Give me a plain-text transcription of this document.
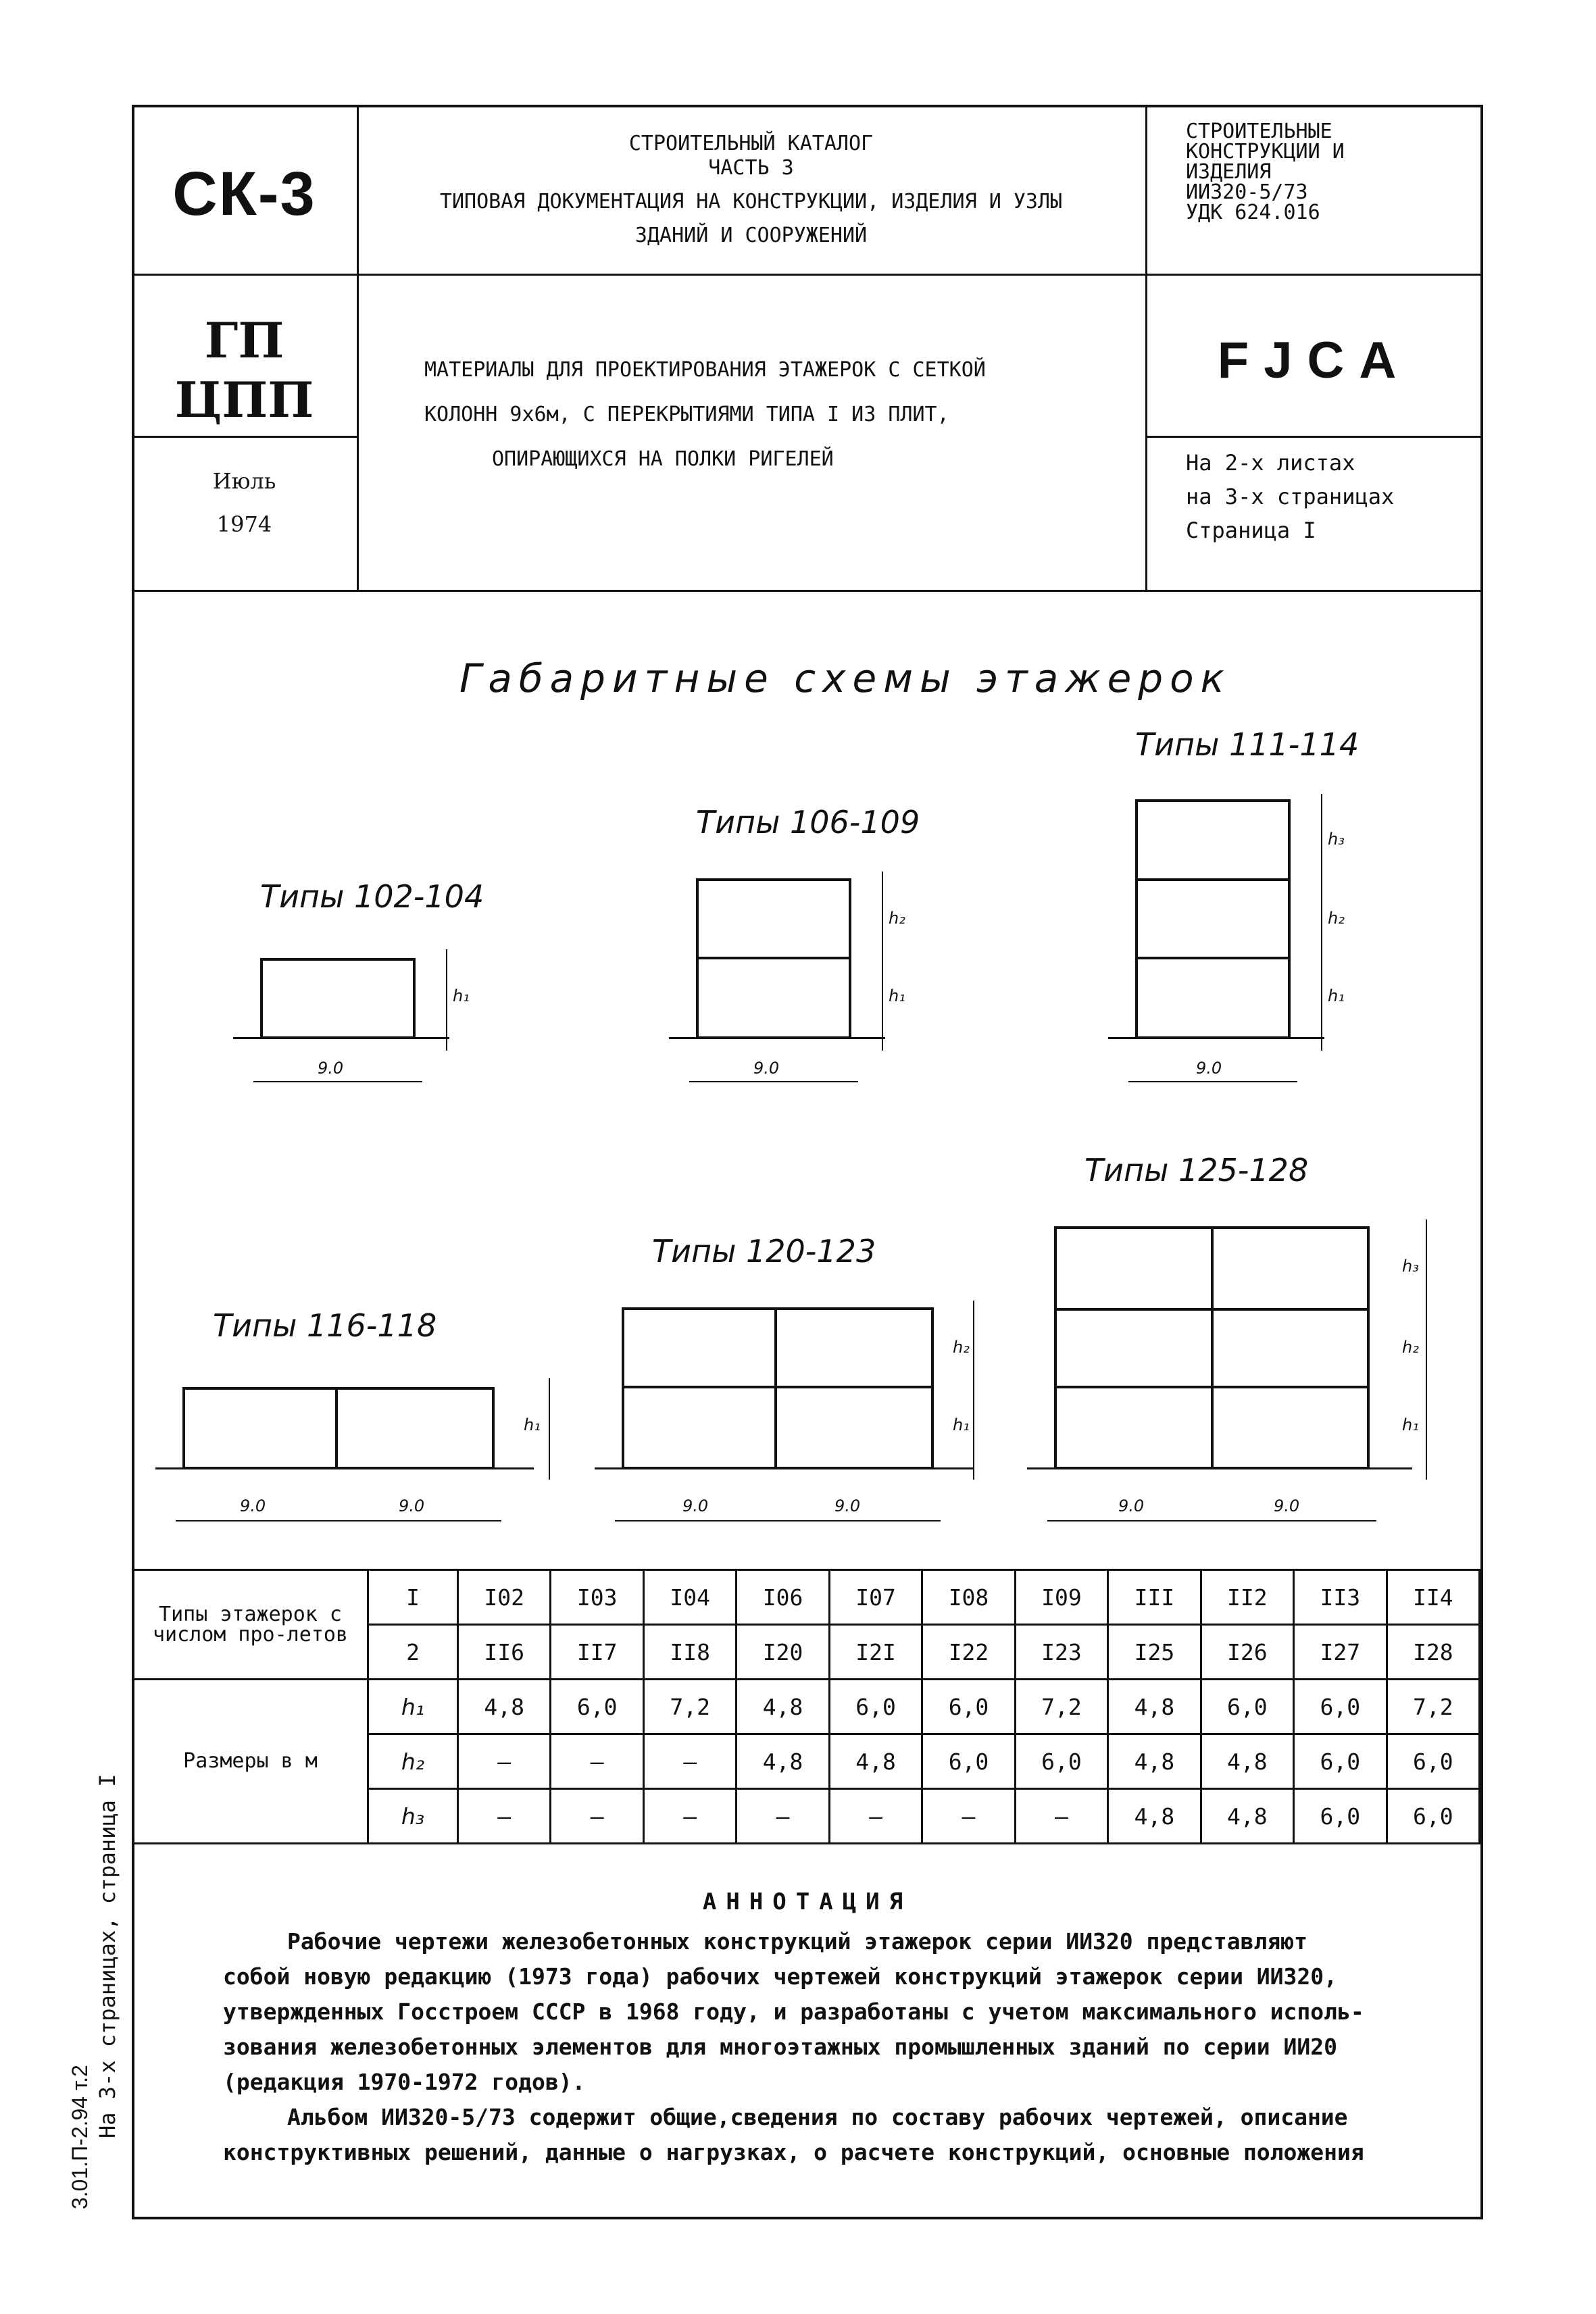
СК-3
СТРОИТЕЛЬНЫЙ КАТАЛОГ
ЧАСТЬ 3
ТИПОВАЯ ДОКУМЕНТАЦИЯ НА КОНСТРУКЦИИ, ИЗДЕЛИЯ И УЗЛЫ
ЗДАНИЙ И СООРУЖЕНИЙ
СТРОИТЕЛЬНЫЕ
КОНСТРУКЦИИ И
ИЗДЕЛИЯ
ИИ320-5/73
УДК 624.016
ГП
ЦПП
Июль
1974
МАТЕРИАЛЫ ДЛЯ ПРОЕКТИРОВАНИЯ ЭТАЖЕРОК С СЕТКОЙ
КОЛОНН 9х6м, С ПЕРЕКРЫТИЯМИ ТИПА I ИЗ ПЛИТ,
ОПИРАЮЩИХСЯ НА ПОЛКИ РИГЕЛЕЙ
FJCA
На 2-х листах
на 3-х страницах
Страница I
Габаритные схемы этажерок
Типы 102-104
h₁
9.0
Типы 106-109
h₂
h₁
9.0
Типы 111-114
h₃
h₂
h₁
9.0
Типы 116-118
h₁
9.0	9.0
Типы 120-123
h₂
h₁
9.0	9.0
Типы 125-128
h₃
h₂
h₁
9.0	9.0
Типы этажерок с числом про-летов	I	I02	I03	I04	I06	I07	I08	I09	III	II2	II3	II4
	2	II6	II7	II8	I20	I2I	I22	I23	I25	I26	I27	I28
Размеры в м	h₁	4,8	6,0	7,2	4,8	6,0	6,0	7,2	4,8	6,0	6,0	7,2
	h₂	—	—	—	4,8	4,8	6,0	6,0	4,8	4,8	6,0	6,0
	h₃	—	—	—	—	—	—	—	4,8	4,8	6,0	6,0
АННОТАЦИЯ
Рабочие чертежи железобетонных конструкций этажерок серии ИИ320 представляют
собой новую редакцию (1973 года) рабочих чертежей конструкций этажерок серии ИИ320,
утвержденных Госстроем СССР в 1968 году, и разработаны с учетом максимального исполь-
зования железобетонных элементов для многоэтажных промышленных зданий по серии ИИ20
(редакция 1970-1972 годов).
Альбом ИИ320-5/73 содержит общие,сведения по составу рабочих чертежей, описание
конструктивных решений, данные о нагрузках, о расчете конструкций, основные положения
3.01.П-2.94 т.2 На 3-х страницах, страница I
